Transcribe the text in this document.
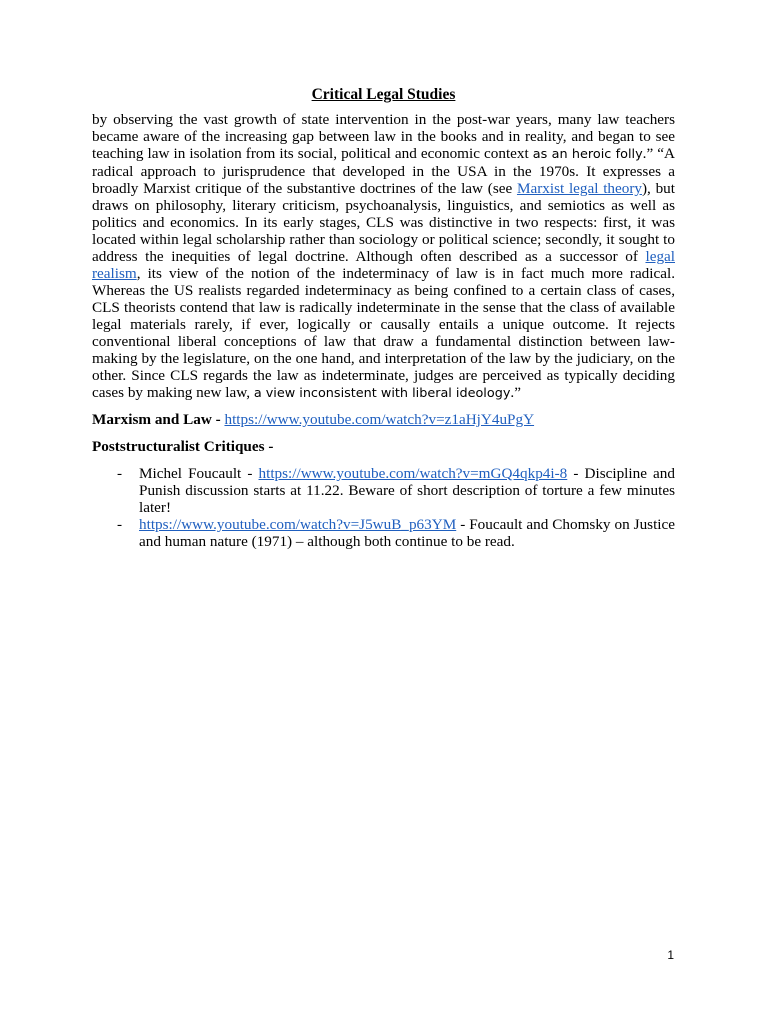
Critical Legal Studies

by observing the vast growth of state intervention in the post-war years, many law teachers became aware of the increasing gap between law in the books and in reality, and began to see teaching law in isolation from its social, political and economic context as an heroic folly.” “A radical approach to jurisprudence that developed in the USA in the 1970s. It expresses a broadly Marxist critique of the substantive doctrines of the law (see Marxist legal theory), but draws on philosophy, literary criticism, psychoanalysis, linguistics, and semiotics as well as politics and economics. In its early stages, CLS was distinctive in two respects: first, it was located within legal scholarship rather than sociology or political science; secondly, it sought to address the inequities of legal doctrine. Although often described as a successor of legal realism, its view of the notion of the indeterminacy of law is in fact much more radical. Whereas the US realists regarded indeterminacy as being confined to a certain class of cases, CLS theorists contend that law is radically indeterminate in the sense that the class of available legal materials rarely, if ever, logically or causally entails a unique outcome. It rejects conventional liberal conceptions of law that draw a fundamental distinction between law-making by the legislature, on the one hand, and interpretation of the law by the judiciary, on the other. Since CLS regards the law as indeterminate, judges are perceived as typically deciding cases by making new law, a view inconsistent with liberal ideology.”

Marxism and Law - https://www.youtube.com/watch?v=z1aHjY4uPgY

Poststructuralist Critiques -

- Michel Foucault - https://www.youtube.com/watch?v=mGQ4qkp4i-8 - Discipline and Punish discussion starts at 11.22. Beware of short description of torture a few minutes later!
- https://www.youtube.com/watch?v=J5wuB_p63YM - Foucault and Chomsky on Justice and human nature (1971) – although both continue to be read.
1
